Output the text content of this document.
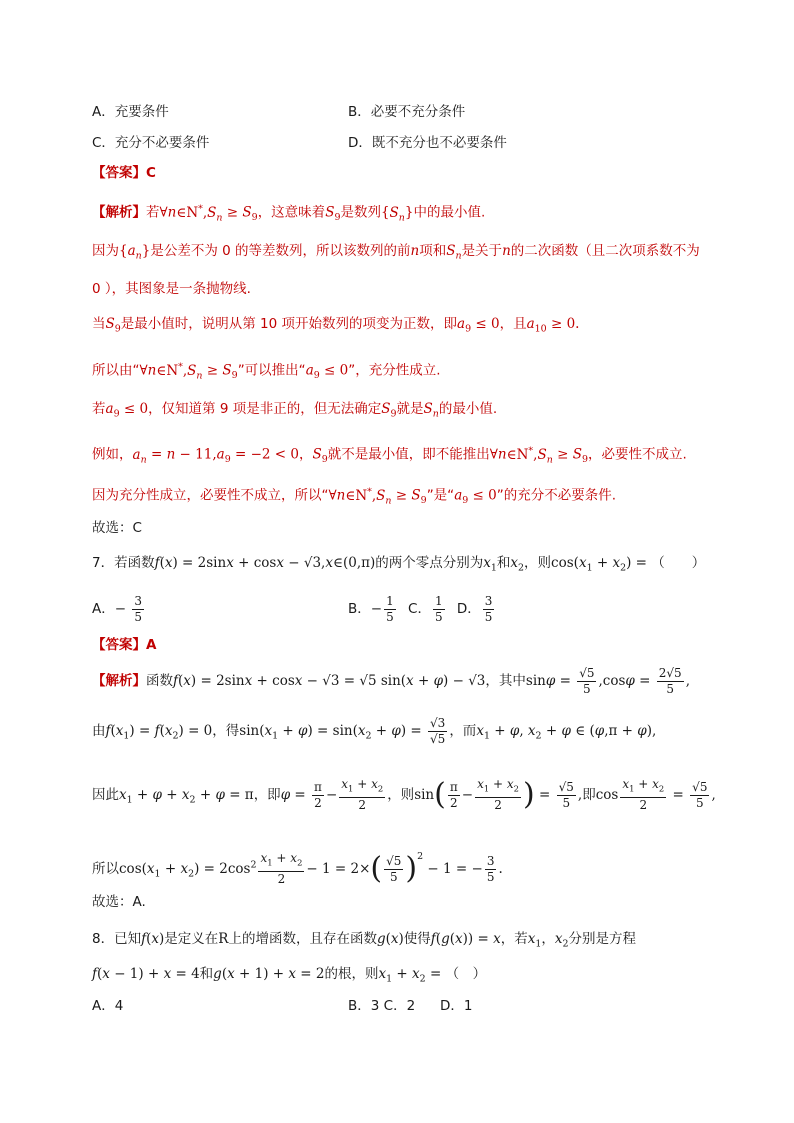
A．充要条件	B．必要不充分条件
C．充分不必要条件	D．既不充分也不必要条件
【答案】C
【解析】若$\forall n\in N^*,S_n \ge S_9$，这意味着$S_9$是数列$\{S_n\}$中的最小值.
因为$\{a_n\}$是公差不为 0 的等差数列，所以该数列的前n项和$S_n$是关于n的二次函数（且二次项系数不为
0 ），其图象是一条抛物线.
当$S_9$是最小值时，说明从第 10 项开始数列的项变为正数，即$a_9 \le 0$，且$a_{10} \ge 0$.
所以由“$\forall n\in N^*,S_n \ge S_9$”可以推出“$a_9 \le 0$”，充分性成立.
若$a_9 \le 0$，仅知道第 9 项是非正的，但无法确定$S_9$就是$S_n$的最小值.
例如，$a_n = n - 11,a_9 = -2 < 0$，$S_9$就不是最小值，即不能推出$\forall n\in N^*,S_n \ge S_9$，必要性不成立.
因为充分性成立，必要性不成立，所以“$\forall n\in N^*,S_n \ge S_9$”是“$a_9 \le 0$”的充分不必要条件.
故选：C
7．若函数f(x) = 2sinx + cosx − √3,x∈(0,π)的两个零点分别为$x_1$和$x_2$，则$\cos(x_1 + x_2)$ = （　　）
A．− $\frac{3}{5}$	B．− $\frac{1}{5}$ C． $\frac{1}{5}$ D． $\frac{3}{5}$
【答案】A
【解析】函数f(x) = 2sinx + cosx − √3 = √5 sin(x + φ) − √3，其中$\sin\varphi = \frac{√5}{5} ,\cos\varphi = \frac{2√5}{5}$ ,
由$f(x_1) = f(x_2) = 0$，得$\sin(x_1 + \varphi) = \sin(x_2 + \varphi) = \frac{√3}{√5}$ ，而$x_1 + \varphi$, $x_2 + \varphi$ ∈ (φ,π + φ),
因此$x_1 + \varphi + x_2 + \varphi = \pi$，即$\varphi = \frac{\pi}{2} - \frac{x_1 + x_2}{2}$ ，则$\sin( \frac{\pi}{2} - \frac{x_1 + x_2}{2}$ ) = $\frac{√5}{5}$ ,即$\cos \frac{x_1 + x_2}{2} = \frac{√5}{5}$ ,
所以$\cos(x_1 + x_2) = 2\cos^2 \frac{x_1 + x_2}{2} - 1 = 2\times( \frac{√5}{5} )^2 - 1$ = − $\frac{3}{5}$ .
故选：A.
8．已知f(x)是定义在R上的增函数，且存在函数g(x)使得f(g(x)) = x，若$x_1$，$x_2$分别是方程
f(x − 1) + x = 4和g(x + 1) + x = 2的根，则$x_1 + x_2$ = （　）
A．4	B．3 C．2 D．1
